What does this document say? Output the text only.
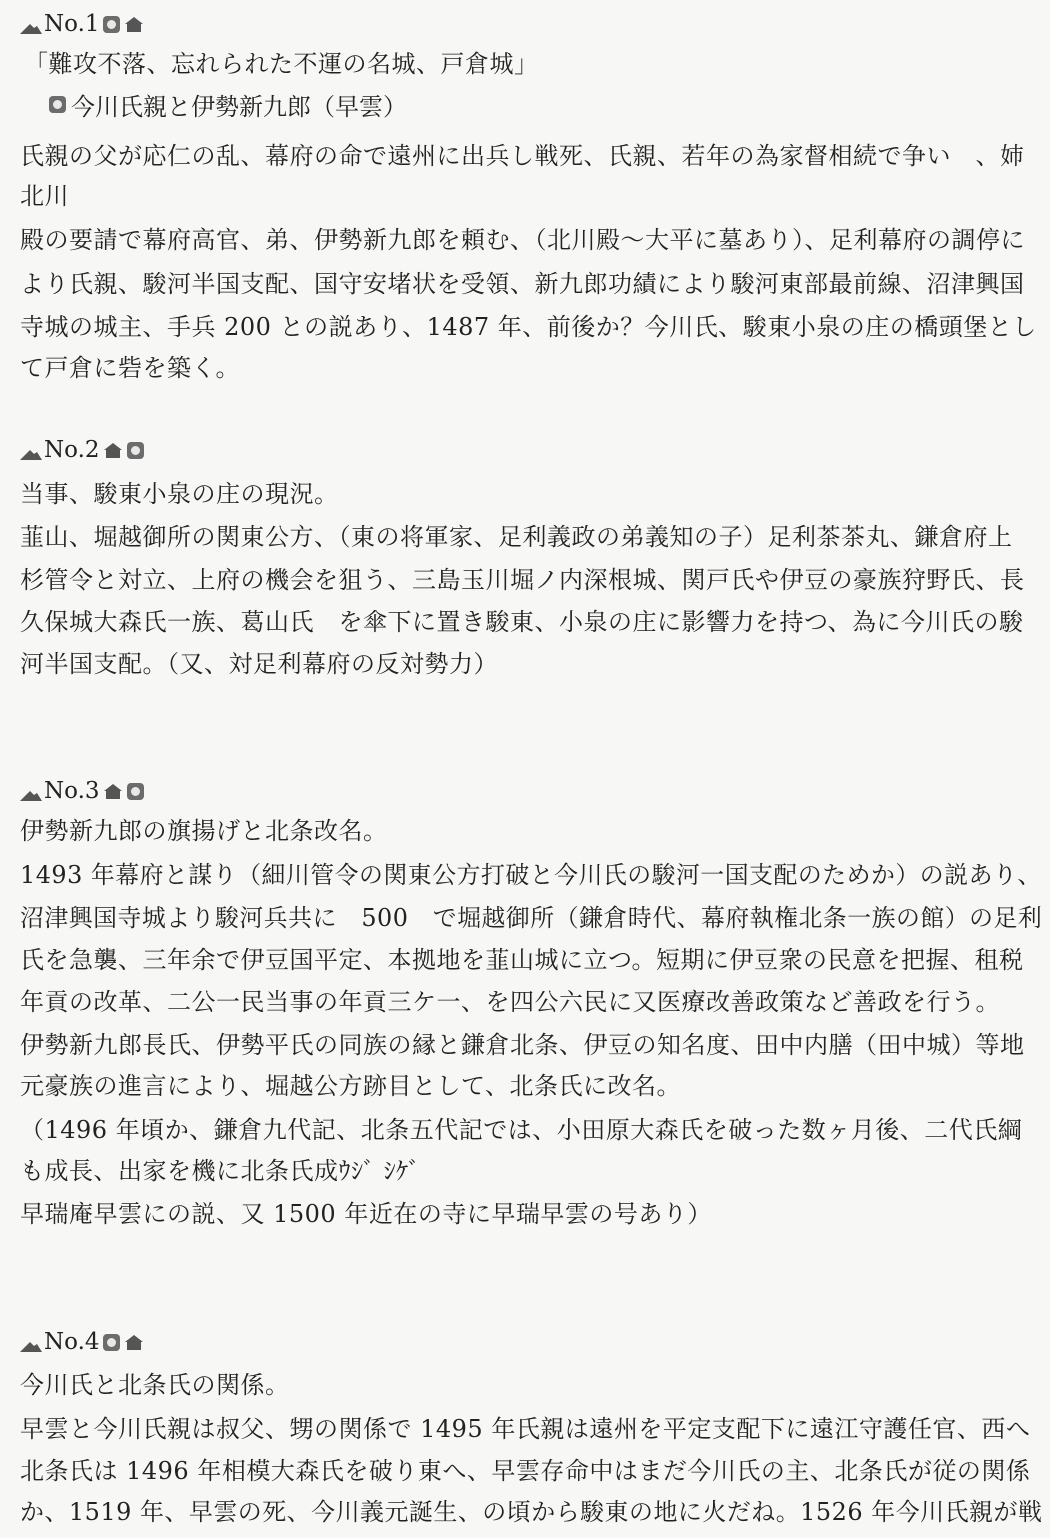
No.1
「難攻不落、忘れられた不運の名城、戸倉城」
今川氏親と伊勢新九郎（早雲）
氏親の父が応仁の乱、幕府の命で遠州に出兵し戦死、氏親、若年の為家督相続で争い　、姉
北川
殿の要請で幕府高官、弟、伊勢新九郎を頼む、（北川殿〜大平に墓あり）、足利幕府の調停に
より氏親、駿河半国支配、国守安堵状を受領、新九郎功績により駿河東部最前線、沼津興国
寺城の城主、手兵 200 との説あり、1487 年、前後か？今川氏、駿東小泉の庄の橋頭堡とし
て戸倉に砦を築く。
No.2
当事、駿東小泉の庄の現況。
韮山、堀越御所の関東公方、（東の将軍家、足利義政の弟義知の子）足利茶茶丸、鎌倉府上
杉管令と対立、上府の機会を狙う、三島玉川堀ノ内深根城、関戸氏や伊豆の豪族狩野氏、長
久保城大森氏一族、葛山氏　を傘下に置き駿東、小泉の庄に影響力を持つ、為に今川氏の駿
河半国支配。（又、対足利幕府の反対勢力）
No.3
伊勢新九郎の旗揚げと北条改名。
1493 年幕府と謀り（細川管令の関東公方打破と今川氏の駿河一国支配のためか）の説あり、
沼津興国寺城より駿河兵共に　500　で堀越御所（鎌倉時代、幕府執権北条一族の館）の足利
氏を急襲、三年余で伊豆国平定、本拠地を韮山城に立つ。短期に伊豆衆の民意を把握、租税
年貢の改革、二公一民当事の年貢三ケ一、を四公六民に又医療改善政策など善政を行う。
伊勢新九郎長氏、伊勢平氏の同族の縁と鎌倉北条、伊豆の知名度、田中内膳（田中城）等地
元豪族の進言により、堀越公方跡目として、北条氏に改名。
（1496 年頃か、鎌倉九代記、北条五代記では、小田原大森氏を破った数ヶ月後、二代氏綱
も成長、出家を機に北条氏成ｳｼﾞ ｼｹﾞ
早瑞庵早雲にの説、又 1500 年近在の寺に早瑞早雲の号あり）
No.4
今川氏と北条氏の関係。
早雲と今川氏親は叔父、甥の関係で 1495 年氏親は遠州を平定支配下に遠江守護任官、西へ
北条氏は 1496 年相模大森氏を破り東へ、早雲存命中はまだ今川氏の主、北条氏が従の関係
か、1519 年、早雲の死、今川義元誕生、の頃から駿東の地に火だね。1526 年今川氏親が戦
